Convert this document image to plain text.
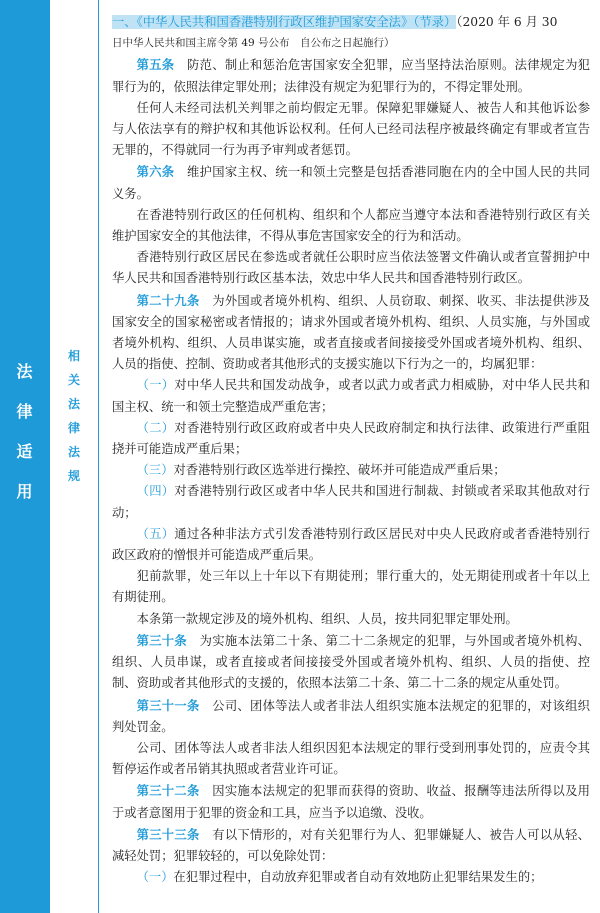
法
律
适
用
相
关
法
律
法
规
一、《中华人民共和国香港特别行政区维护国家安全法》（节录）（2020 年 6 月 30
日中华人民共和国主席令第 49 号公布　自公布之日起施行）
第五条　 防范、制止和惩治危害国家安全犯罪，应当坚持法治原则。法律规定为犯罪行为的，依照法律定罪处刑；法律没有规定为犯罪行为的，不得定罪处刑。
任何人未经司法机关判罪之前均假定无罪。保障犯罪嫌疑人、被告人和其他诉讼参与人依法享有的辩护权和其他诉讼权利。任何人已经司法程序被最终确定有罪或者宣告无罪的，不得就同一行为再予审判或者惩罚。
第六条　 维护国家主权、统一和领土完整是包括香港同胞在内的全中国人民的共同义务。
在香港特别行政区的任何机构、组织和个人都应当遵守本法和香港特别行政区有关维护国家安全的其他法律，不得从事危害国家安全的行为和活动。
香港特别行政区居民在参选或者就任公职时应当依法签署文件确认或者宣誓拥护中华人民共和国香港特别行政区基本法，效忠中华人民共和国香港特别行政区。
第二十九条　 为外国或者境外机构、组织、人员窃取、刺探、收买、非法提供涉及国家安全的国家秘密或者情报的；请求外国或者境外机构、组织、人员实施，与外国或者境外机构、组织、人员串谋实施，或者直接或者间接接受外国或者境外机构、组织、人员的指使、控制、资助或者其他形式的支援实施以下行为之一的，均属犯罪：
（一）对中华人民共和国发动战争，或者以武力或者武力相威胁，对中华人民共和国主权、统一和领土完整造成严重危害；
（二）对香港特别行政区政府或者中央人民政府制定和执行法律、政策进行严重阻挠并可能造成严重后果；
（三）对香港特别行政区选举进行操控、破坏并可能造成严重后果；
（四）对香港特别行政区或者中华人民共和国进行制裁、封锁或者采取其他敌对行动；
（五）通过各种非法方式引发香港特别行政区居民对中央人民政府或者香港特别行政区政府的憎恨并可能造成严重后果。
犯前款罪，处三年以上十年以下有期徒刑；罪行重大的，处无期徒刑或者十年以上有期徒刑。
本条第一款规定涉及的境外机构、组织、人员，按共同犯罪定罪处刑。
第三十条　 为实施本法第二十条、第二十二条规定的犯罪，与外国或者境外机构、组织、人员串谋，或者直接或者间接接受外国或者境外机构、组织、人员的指使、控制、资助或者其他形式的支援的，依照本法第二十条、第二十二条的规定从重处罚。
第三十一条　 公司、团体等法人或者非法人组织实施本法规定的犯罪的，对该组织判处罚金。
公司、团体等法人或者非法人组织因犯本法规定的罪行受到刑事处罚的，应责令其暂停运作或者吊销其执照或者营业许可证。
第三十二条　 因实施本法规定的犯罪而获得的资助、收益、报酬等违法所得以及用于或者意图用于犯罪的资金和工具，应当予以追缴、没收。
第三十三条　 有以下情形的，对有关犯罪行为人、犯罪嫌疑人、被告人可以从轻、减轻处罚；犯罪较轻的，可以免除处罚：
（一）在犯罪过程中，自动放弃犯罪或者自动有效地防止犯罪结果发生的；
